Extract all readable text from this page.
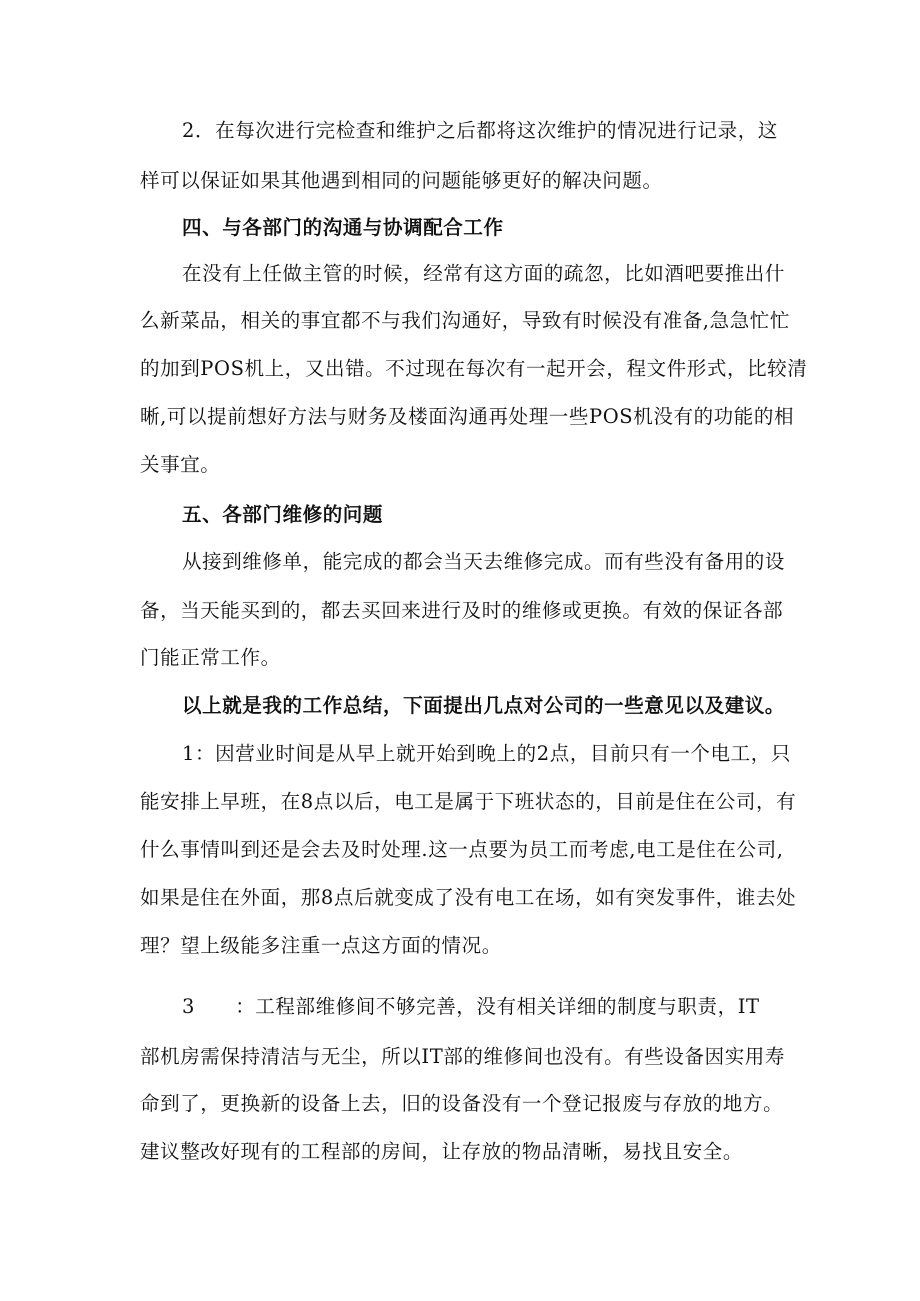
2．在每次进行完检查和维护之后都将这次维护的情况进行记录，这
样可以保证如果其他遇到相同的问题能够更好的解决问题。
四、与各部门的沟通与协调配合工作
在没有上任做主管的时候，经常有这方面的疏忽，比如酒吧要推出什
么新菜品，相关的事宜都不与我们沟通好，导致有时候没有准备,急急忙忙
的加到POS机上，又出错。不过现在每次有一起开会，程文件形式，比较清
晰,可以提前想好方法与财务及楼面沟通再处理一些POS机没有的功能的相
关事宜。
五、各部门维修的问题
从接到维修单，能完成的都会当天去维修完成。而有些没有备用的设
备，当天能买到的，都去买回来进行及时的维修或更换。有效的保证各部
门能正常工作。
以上就是我的工作总结，下面提出几点对公司的一些意见以及建议。
1：因营业时间是从早上就开始到晚上的2点，目前只有一个电工，只
能安排上早班，在8点以后，电工是属于下班状态的，目前是住在公司，有
什么事情叫到还是会去及时处理.这一点要为员工而考虑,电工是住在公司,
如果是住在外面，那8点后就变成了没有电工在场，如有突发事件，谁去处
理？望上级能多注重一点这方面的情况。
3　　：工程部维修间不够完善，没有相关详细的制度与职责，IT
部机房需保持清洁与无尘，所以IT部的维修间也没有。有些设备因实用寿
命到了，更换新的设备上去，旧的设备没有一个登记报废与存放的地方。
建议整改好现有的工程部的房间，让存放的物品清晰，易找且安全。
